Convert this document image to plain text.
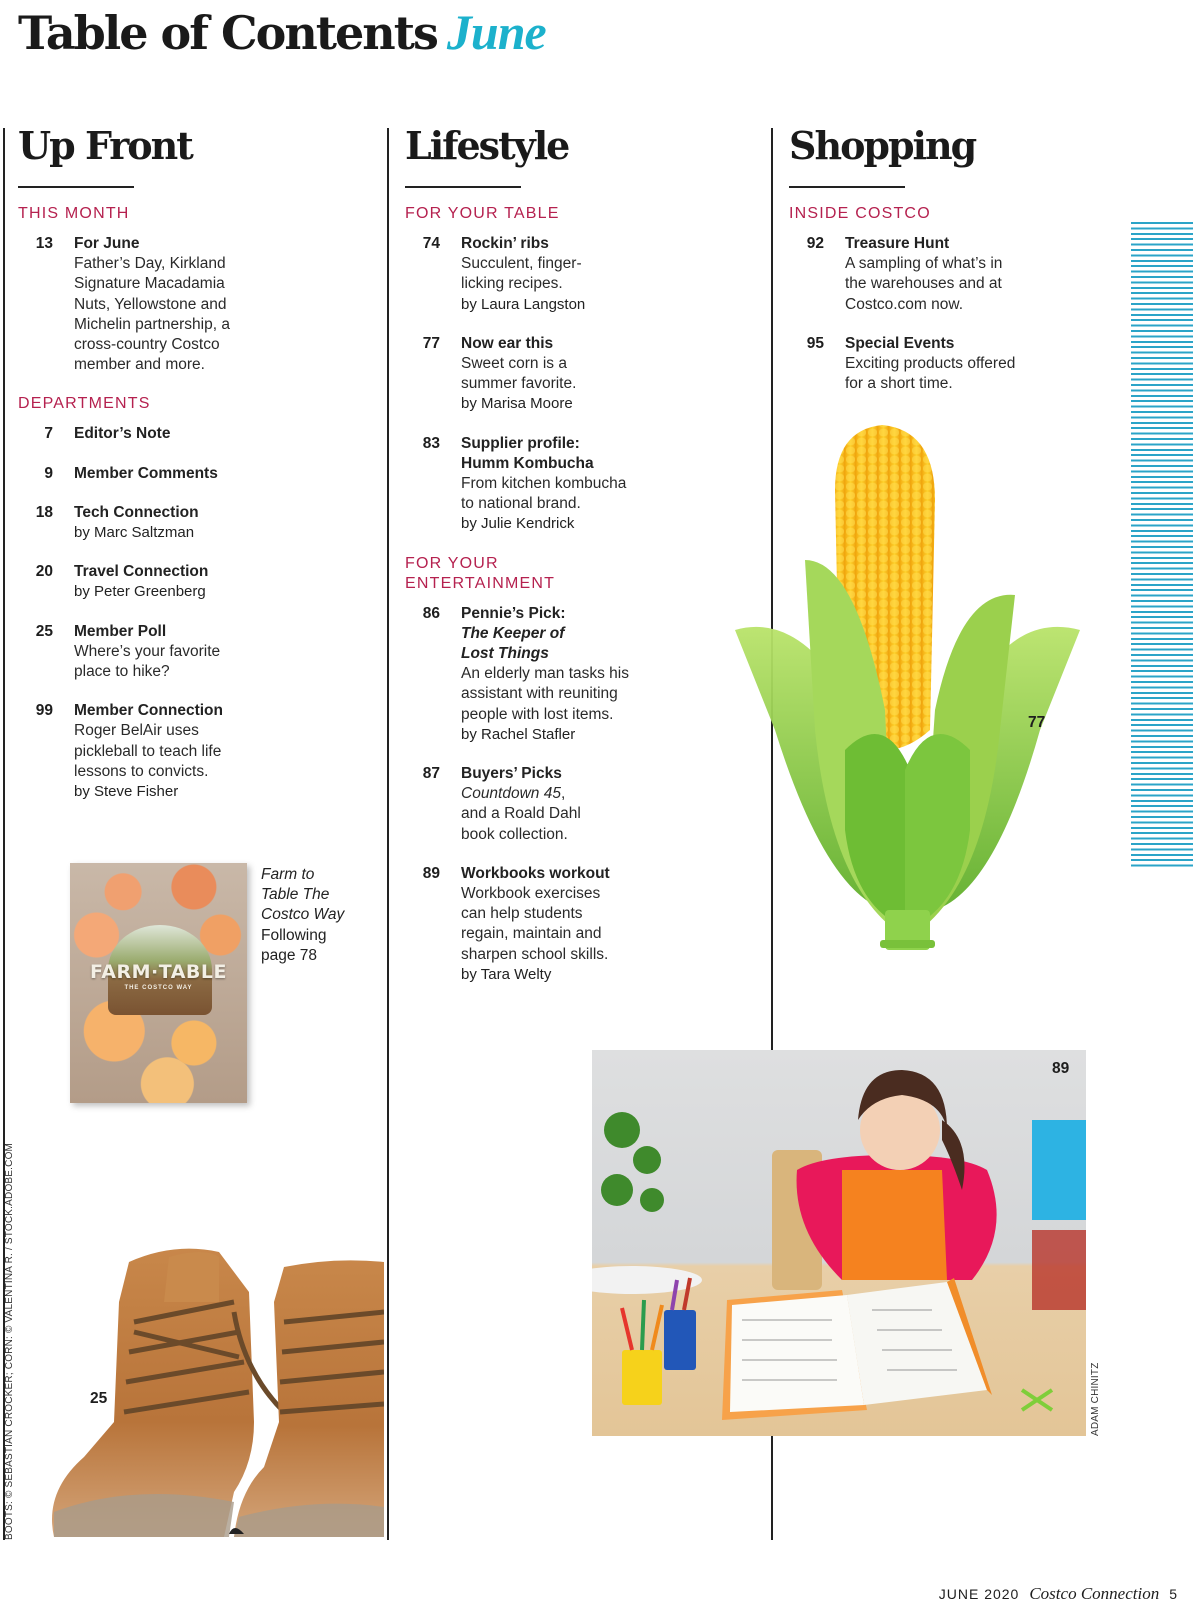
Table of Contents June
Up Front
THIS MONTH
13	For June
Father’s Day, Kirkland
Signature Macadamia
Nuts, Yellowstone and
Michelin partnership, a
cross-country Costco
member and more.
DEPARTMENTS
7	Editor’s Note
9	Member Comments
18	Tech Connection
by Marc Saltzman
20	Travel Connection
by Peter Greenberg
25	Member Poll
Where’s your favorite
place to hike?
99	Member Connection
Roger BelAir uses
pickleball to teach life
lessons to convicts.
by Steve Fisher
Lifestyle
FOR YOUR TABLE
74	Rockin’ ribs
Succulent, finger-
licking recipes.
by Laura Langston
77	Now ear this
Sweet corn is a
summer favorite.
by Marisa Moore
83	Supplier profile:
Humm Kombucha
From kitchen kombucha
to national brand.
by Julie Kendrick
FOR YOUR
ENTERTAINMENT
86	Pennie’s Pick:
The Keeper of
Lost Things
An elderly man tasks his
assistant with reuniting
people with lost items.
by Rachel Stafler
87	Buyers’ Picks
Countdown 45,
and a Roald Dahl
book collection.
89	Workbooks workout
Workbook exercises
can help students
regain, maintain and
sharpen school skills.
by Tara Welty
Shopping
INSIDE COSTCO
92	Treasure Hunt
A sampling of what’s in
the warehouses and at
Costco.com now.
95	Special Events
Exciting products offered
for a short time.
FARM·TABLE
THE COSTCO WAY
Farm to
Table The
Costco Way
Following
page 78
77
89
25
BOOTS: © SEBASTIAN CROCKER; CORN: © VALENTINA R. / STOCK.ADOBE.COM	ADAM CHINITZ
JUNE 2020 Costco Connection 5
